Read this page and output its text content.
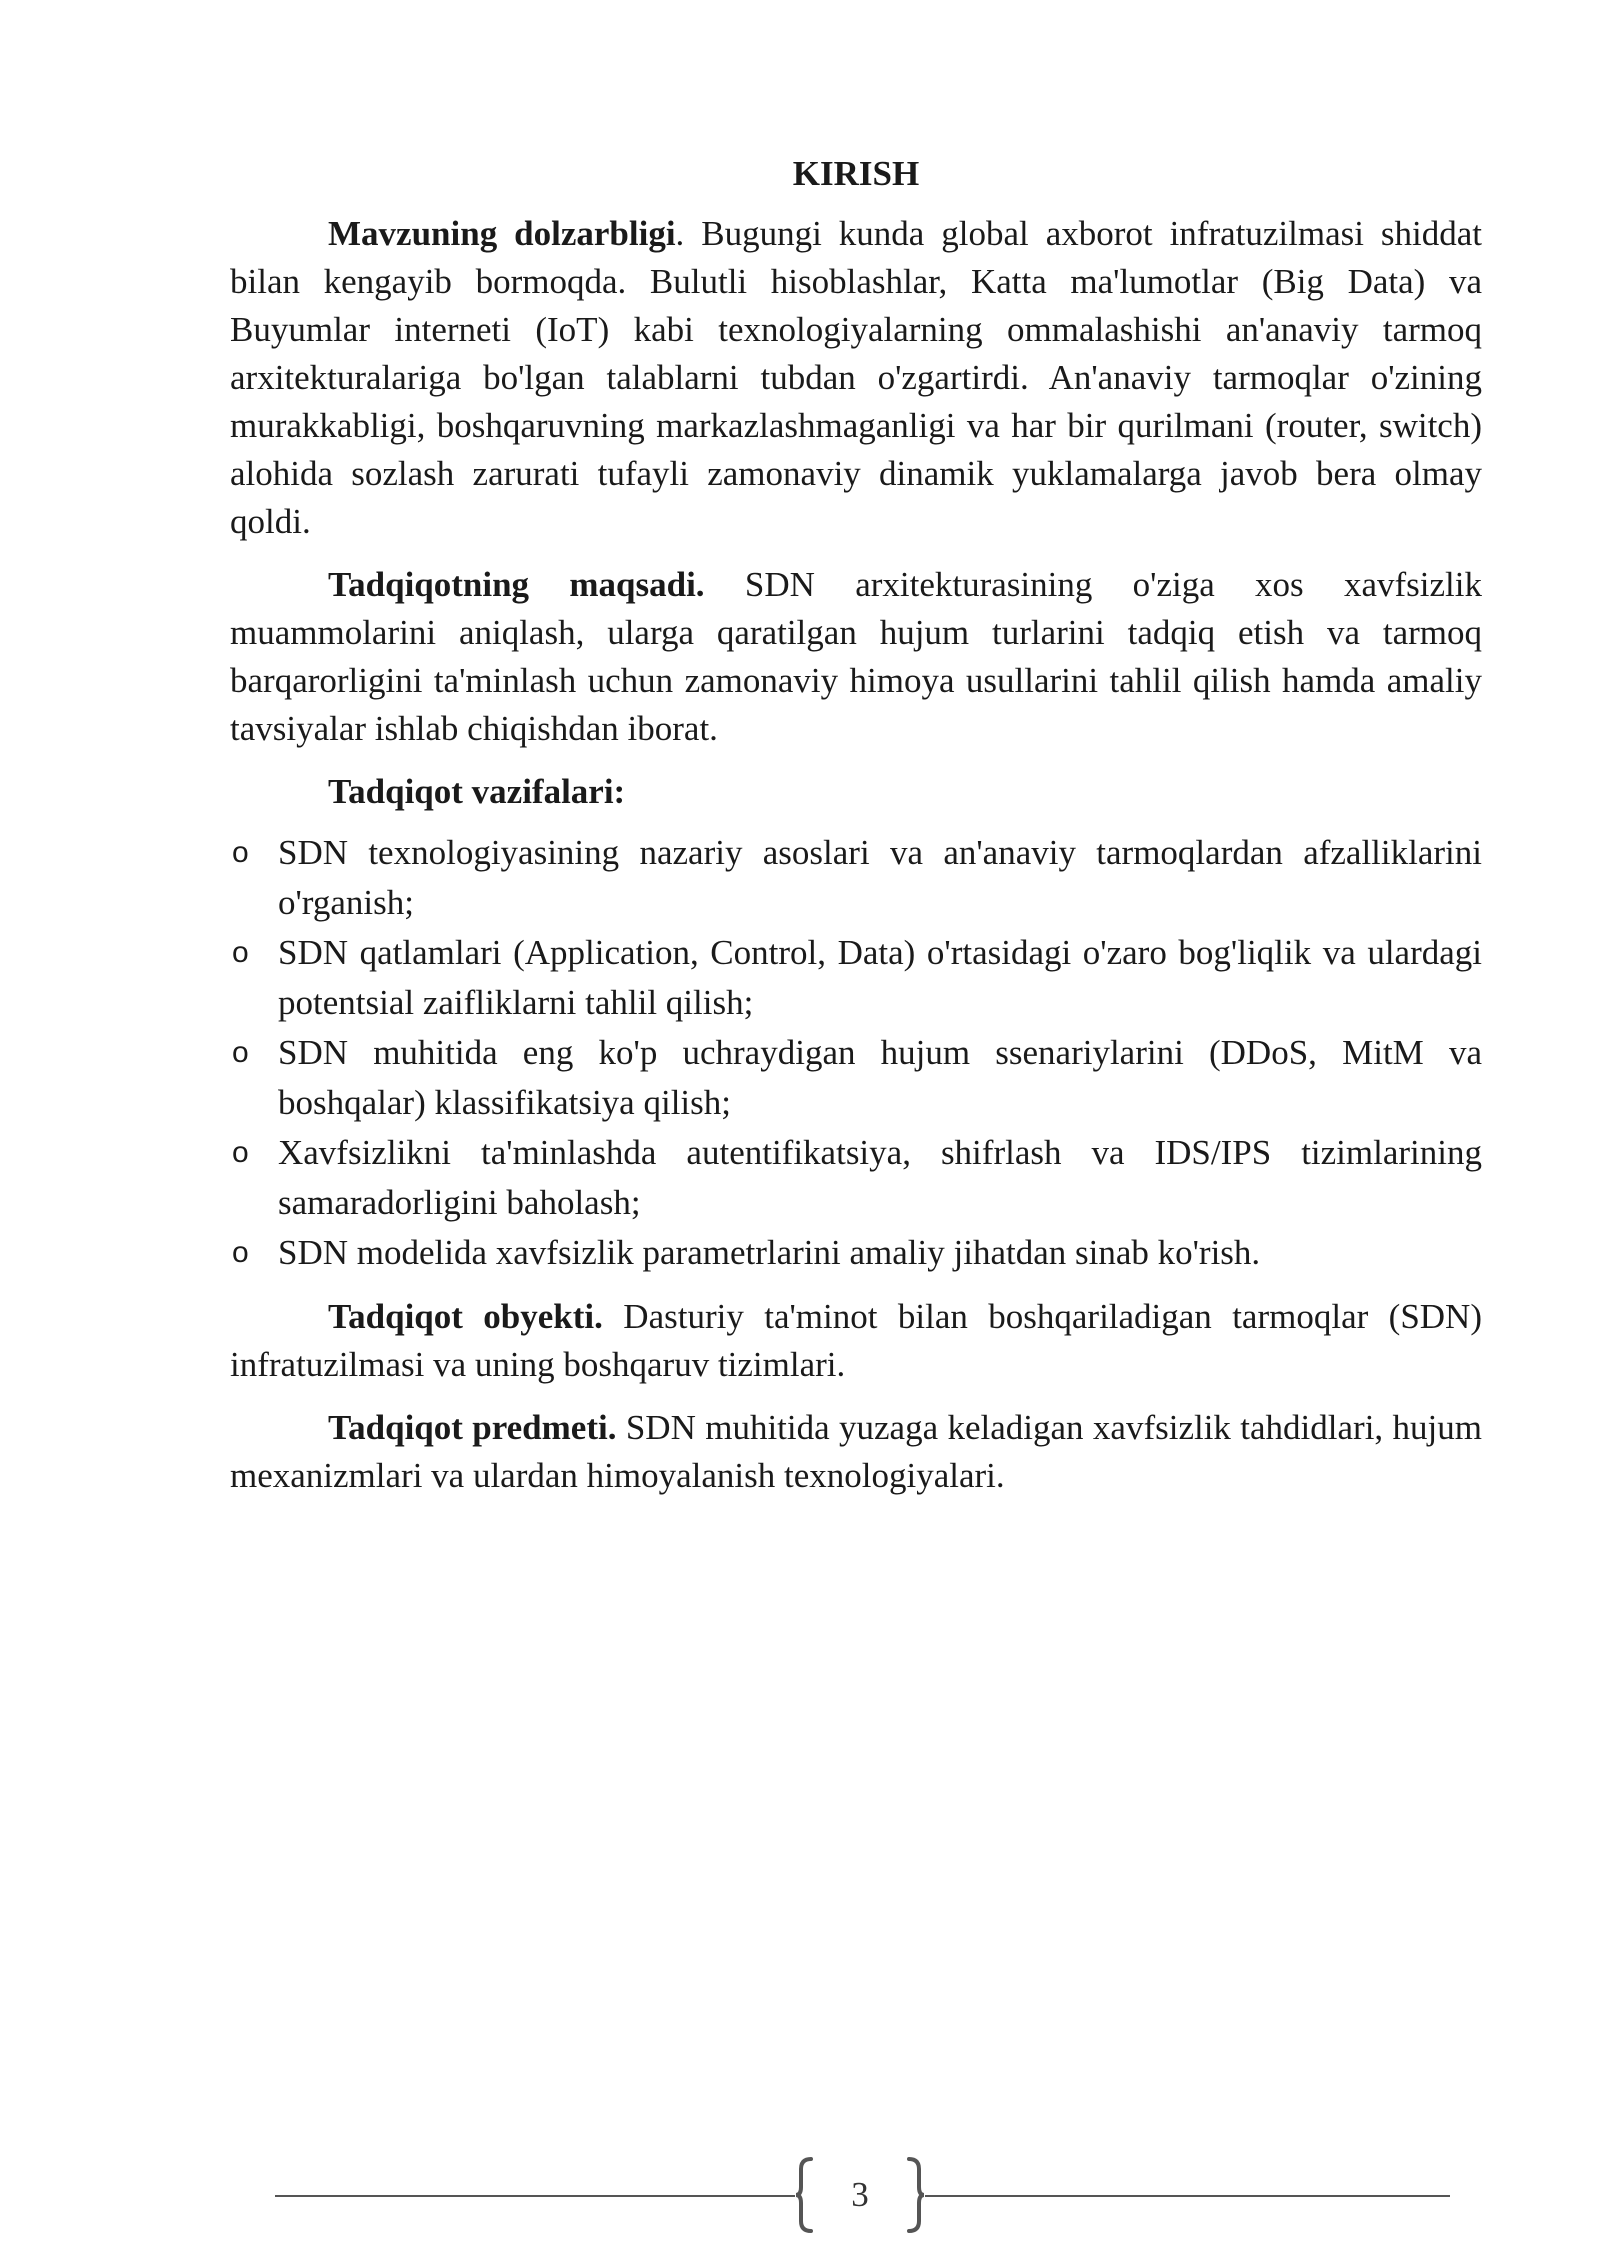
KIRISH

Mavzuning dolzarbligi. Bugungi kunda global axborot infratuzilmasi shiddat bilan kengayib bormoqda. Bulutli hisoblashlar, Katta ma'lumotlar (Big Data) va Buyumlar interneti (IoT) kabi texnologiyalarning ommalashishi an'anaviy tarmoq arxitekturalariga bo'lgan talablarni tubdan o'zgartirdi. An'anaviy tarmoqlar o'zining murakkabligi, boshqaruvning markazlashmaganligi va har bir qurilmani (router, switch) alohida sozlash zarurati tufayli zamonaviy dinamik yuklamalarga javob bera olmay qoldi.

Tadqiqotning maqsadi. SDN arxitekturasining o'ziga xos xavfsizlik muammolarini aniqlash, ularga qaratilgan hujum turlarini tadqiq etish va tarmoq barqarorligini ta'minlash uchun zamonaviy himoya usullarini tahlil qilish hamda amaliy tavsiyalar ishlab chiqishdan iborat.

Tadqiqot vazifalari:
o SDN texnologiyasining nazariy asoslari va an'anaviy tarmoqlardan afzalliklarini o'rganish;
o SDN qatlamlari (Application, Control, Data) o'rtasidagi o'zaro bog'liqlik va ulardagi potentsial zaifliklarni tahlil qilish;
o SDN muhitida eng ko'p uchraydigan hujum ssenariylarini (DDoS, MitM va boshqalar) klassifikatsiya qilish;
o Xavfsizlikni ta'minlashda autentifikatsiya, shifrlash va IDS/IPS tizimlarining samaradorligini baholash;
o SDN modelida xavfsizlik parametrlarini amaliy jihatdan sinab ko'rish.

Tadqiqot obyekti. Dasturiy ta'minot bilan boshqariladigan tarmoqlar (SDN) infratuzilmasi va uning boshqaruv tizimlari.

Tadqiqot predmeti. SDN muhitida yuzaga keladigan xavfsizlik tahdidlari, hujum mexanizmlari va ulardan himoyalanish texnologiyalari.

3
